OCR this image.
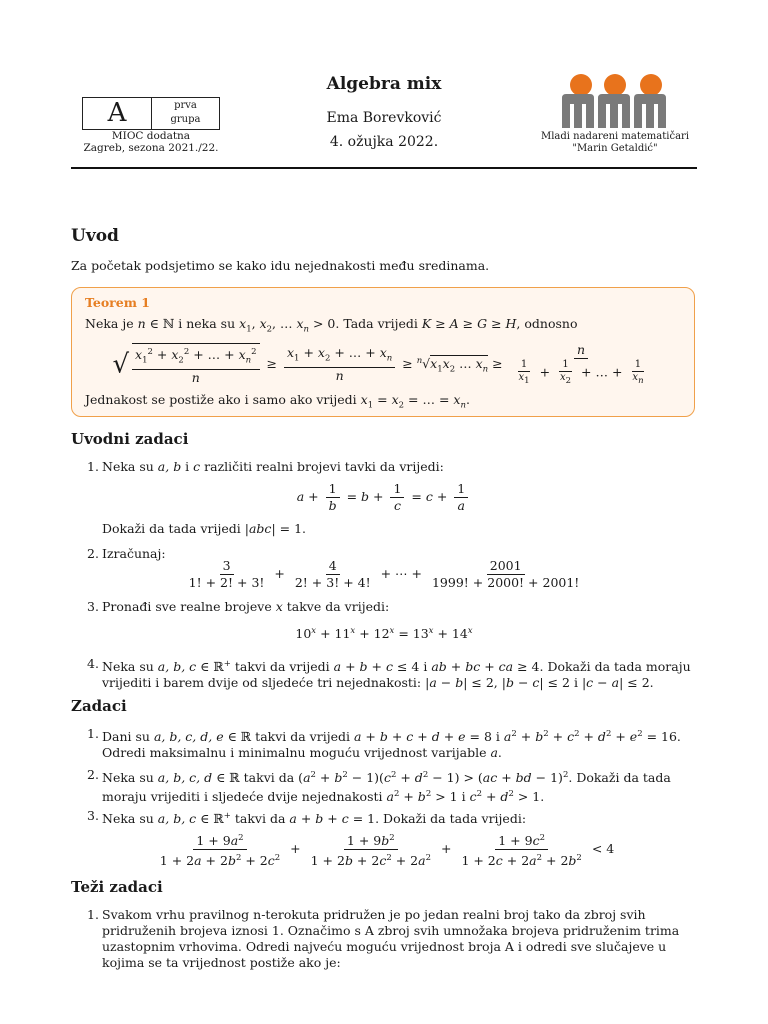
A	prva
grupa
MIOC dodatna
Zagreb, sezona 2021./22.
Algebra mix
Ema Borevković
4. ožujka 2022.	Mladi nadareni matematičari
"Marin Getaldić"
Uvod
Za početak podsjetimo se kako idu nejednakosti među sredinama.
Teorem 1
Neka je n ∈ ℕ i neka su $x_1$, $x_2$, … $x_n > 0$. Tada vrijedi K ≥ A ≥ G ≥ H, odnosno
√ $\frac{x_1^2 + x_2^2 + \dots + x_n^2}{n} \ge \frac{x_1 + x_2 + \dots + x_n}{n} \ge ^n√x_1x_2$ … $x_n \ge \frac{n}{\frac{1}{x_1} + \frac{1}{x_2} + \dots + \frac{1}{x_n}}$
Jednakost se postiže ako i samo ako vrijedi $x_1 = x_2$ = … = $x_n$.
Uvodni zadaci
1. Neka su a, b i c različiti realni brojevi tavki da vrijedi:
$a + \frac{1}{b} = b + \frac{1}{c} = c + \frac{1}{a}$
Dokaži da tada vrijedi |abc| = 1.
2. Izračunaj:
$\frac{3}{1! + 2! + 3!} + \frac{4}{2! + 3! + 4!}$ + ⋯ + $\frac{2001}{1999! + 2000! + 2001!}$
3. Pronađi sve realne brojeve x takve da vrijedi:
$10^x + 11^x + 12^x = 13^x + 14^x$
4. Neka su a, b, c ∈ ℝ+ takvi da vrijedi a + b + c ≤ 4 i ab + bc + ca ≥ 4. Dokaži da tada moraju vrijediti i barem dvije od sljedeće tri nejednakosti: |a − b| ≤ 2, |b − c| ≤ 2 i |c − a| ≤ 2.
Zadaci
1. Dani su a, b, c, d, e ∈ ℝ takvi da vrijedi a + b + c + d + e = 8 i $a^2 + b^2 + c^2 + d^2 + e^2 = 16$. Odredi maksimalnu i minimalnu moguću vrijednost varijable a.
2. Neka su a, b, c, d ∈ ℝ takvi da $(a^2 + b^2 - 1)(c^2 + d^2 - 1) > (ac$ + bd − 1)$^2$. Dokaži da tada moraju vrijediti i sljedeće dvije nejednakosti $a^2 + b^2 > 1$ i $c^2 + d^2 > 1$.
3. Neka su a, b, c ∈ ℝ+ takvi da a + b + c = 1. Dokaži da tada vrijedi:
$\frac{1 + 9a^2}{1 + 2a + 2b^2 + 2c^2} + \frac{1 + 9b^2}{1 + 2b + 2c^2 + 2a^2} + \frac{1 + 9c^2}{1 + 2c + 2a^2 + 2b^2} < 4$
Teži zadaci
1. Svakom vrhu pravilnog n-terokuta pridružen je po jedan realni broj tako da zbroj svih pridruženih brojeva iznosi 1. Označimo s A zbroj svih umnožaka brojeva pridruženim trima uzastopnim vrhovima. Odredi najveću moguću vrijednost broja A i odredi sve slučajeve u kojima se ta vrijednost postiže ako je:
